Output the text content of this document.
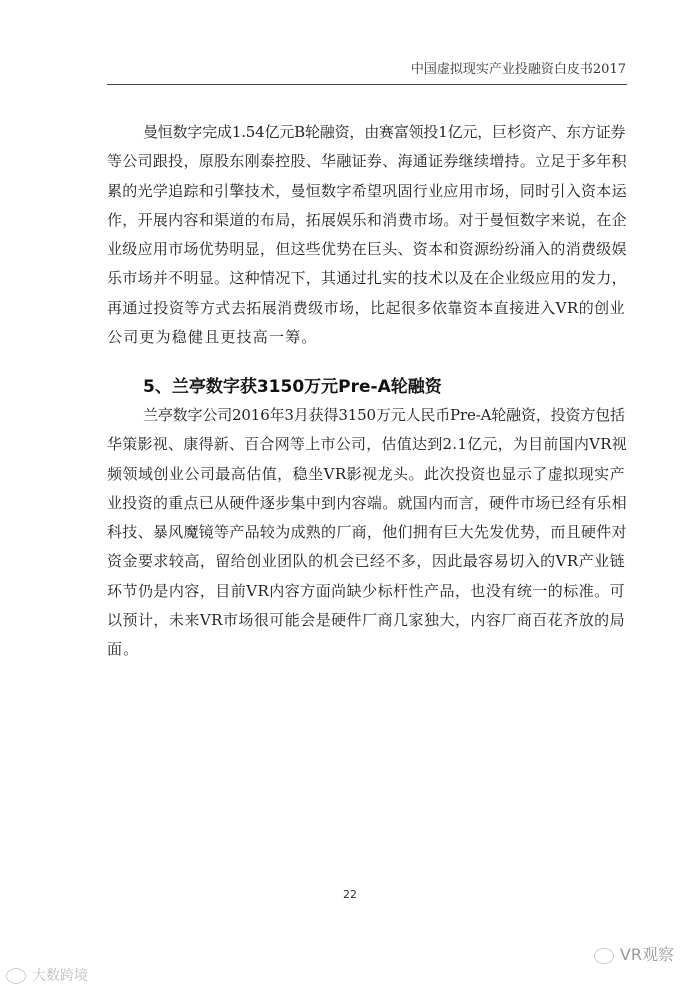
中国虚拟现实产业投融资白皮书2017
曼恒数字完成1.54亿元B轮融资，由赛富领投1亿元，巨杉资产、东方证券
等公司跟投，原股东刚泰控股、华融证券、海通证券继续增持。立足于多年积
累的光学追踪和引擎技术，曼恒数字希望巩固行业应用市场，同时引入资本运
作，开展内容和渠道的布局，拓展娱乐和消费市场。对于曼恒数字来说，在企
业级应用市场优势明显，但这些优势在巨头、资本和资源纷纷涌入的消费级娱
乐市场并不明显。这种情况下，其通过扎实的技术以及在企业级应用的发力，
再通过投资等方式去拓展消费级市场，比起很多依靠资本直接进入VR的创业
公司更为稳健且更技高一筹。
5、兰亭数字获3150万元Pre-A轮融资
兰亭数字公司2016年3月获得3150万元人民币Pre-A轮融资，投资方包括
华策影视、康得新、百合网等上市公司，估值达到2.1亿元，为目前国内VR视
频领域创业公司最高估值，稳坐VR影视龙头。此次投资也显示了虚拟现实产
业投资的重点已从硬件逐步集中到内容端。就国内而言，硬件市场已经有乐相
科技、暴风魔镜等产品较为成熟的厂商，他们拥有巨大先发优势，而且硬件对
资金要求较高，留给创业团队的机会已经不多，因此最容易切入的VR产业链
环节仍是内容，目前VR内容方面尚缺少标杆性产品，也没有统一的标准。可
以预计，未来VR市场很可能会是硬件厂商几家独大，内容厂商百花齐放的局
面。
22
大数跨境
VR观察
